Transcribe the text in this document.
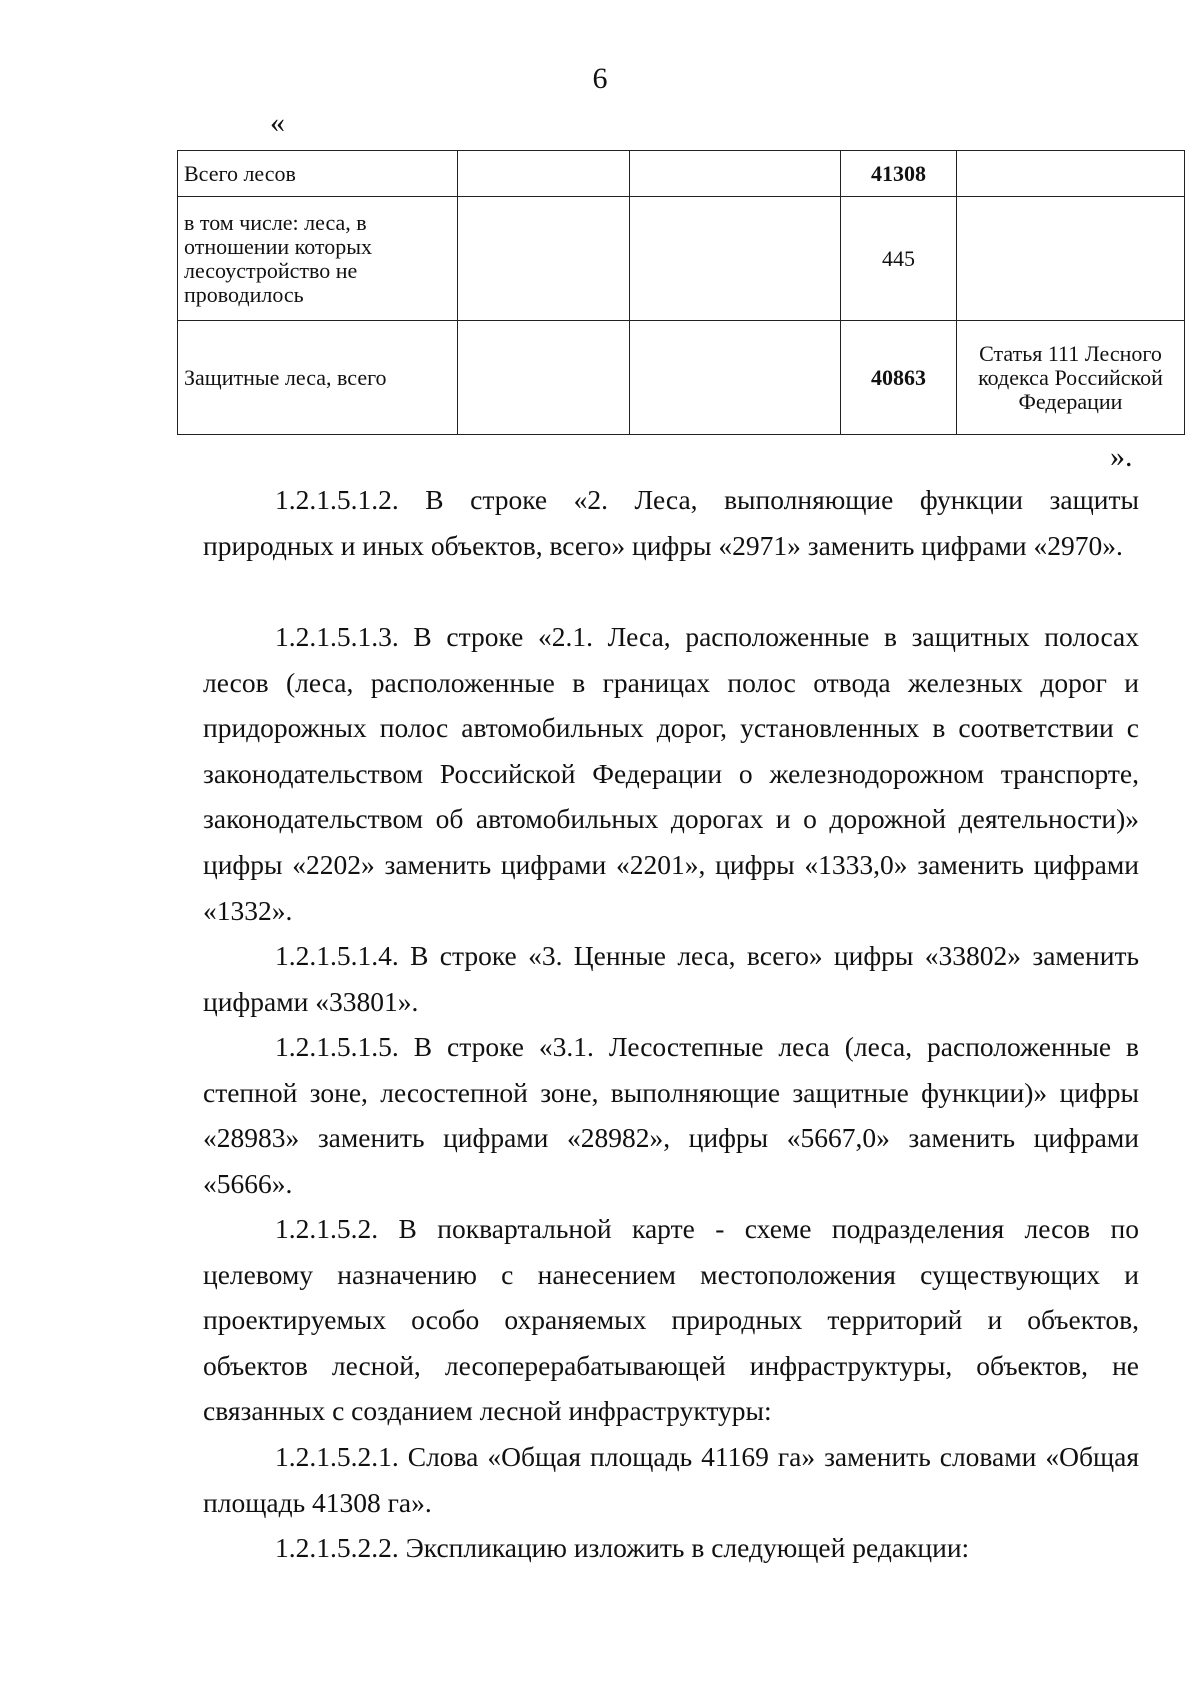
6
«
Всего лесов			41308	
в том числе: леса, в отношении которых лесоустройство не проводилось			445	
Защитные леса, всего			40863	Статья 111 Лесного кодекса Российской Федерации
».

1.2.1.5.1.2. В строке «2. Леса, выполняющие функции защиты природных и иных объектов, всего» цифры «2971» заменить цифрами «2970».

1.2.1.5.1.3. В строке «2.1. Леса, расположенные в защитных полосах лесов (леса, расположенные в границах полос отвода железных дорог и придорожных полос автомобильных дорог, установленных в соответствии с законодательством Российской Федерации о железнодорожном транспорте, законодательством об автомобильных дорогах и о дорожной деятельности)» цифры «2202» заменить цифрами «2201», цифры «1333,0» заменить цифрами «1332».

1.2.1.5.1.4. В строке «3. Ценные леса, всего» цифры «33802» заменить цифрами «33801».

1.2.1.5.1.5. В строке «3.1. Лесостепные леса (леса, расположенные в степной зоне, лесостепной зоне, выполняющие защитные функции)» цифры «28983» заменить цифрами «28982», цифры «5667,0» заменить цифрами «5666».

1.2.1.5.2. В поквартальной карте - схеме подразделения лесов по целевому назначению с нанесением местоположения существующих и проектируемых особо охраняемых природных территорий и объектов, объектов лесной, лесоперерабатывающей инфраструктуры, объектов, не связанных с созданием лесной инфраструктуры:

1.2.1.5.2.1. Слова «Общая площадь 41169 га» заменить словами «Общая площадь 41308 га».

1.2.1.5.2.2. Экспликацию изложить в следующей редакции:
